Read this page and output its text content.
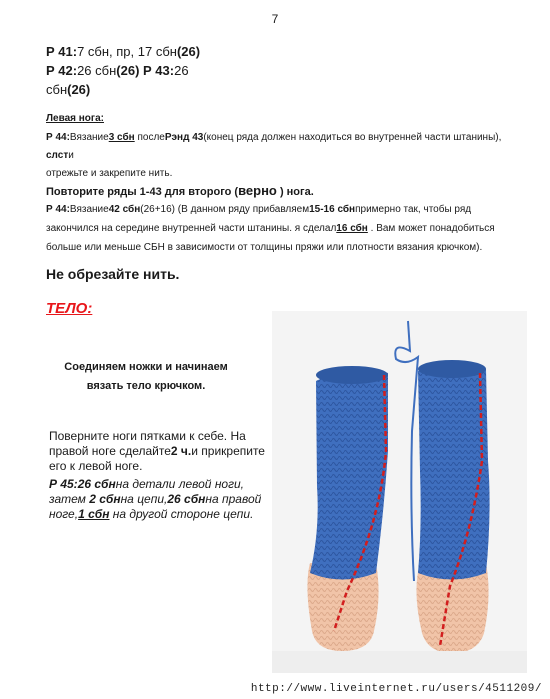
7
Р 41:7 сбн, пр, 17 сбн(26)
Р 42:26 сбн(26) Р 43:26
сбн(26)
Левая нога:
Р 44:Вязание3 сбн послеРэнд 43(конец ряда должен находиться во внутренней части штанины), слсти
отрежьте и закрепите нить.
Повторите ряды 1-43 для второго (верно ) нога.
Р 44:Вязание42 сбн(26+16) (В данном ряду прибавляем15-16 сбнпримерно так, чтобы ряд
закончился на середине внутренней части штанины. я сделал16 сбн . Вам может понадобиться
больше или меньше СБН в зависимости от толщины пряжи или плотности вязания крючком).
Не обрезайте нить.
ТЕЛО:
Соединяем ножки и начинаем
вязать тело крючком.
Поверните ноги пятками к себе. На
правой ноге сделайте2 ч.и прикрепите
его к левой ноге.
Р 45:26 сбнна детали левой ноги,
затем 2 сбнна цепи,26 сбнна правой
ноге,1 сбн на другой стороне цепи.
http://www.liveinternet.ru/users/4511209/
